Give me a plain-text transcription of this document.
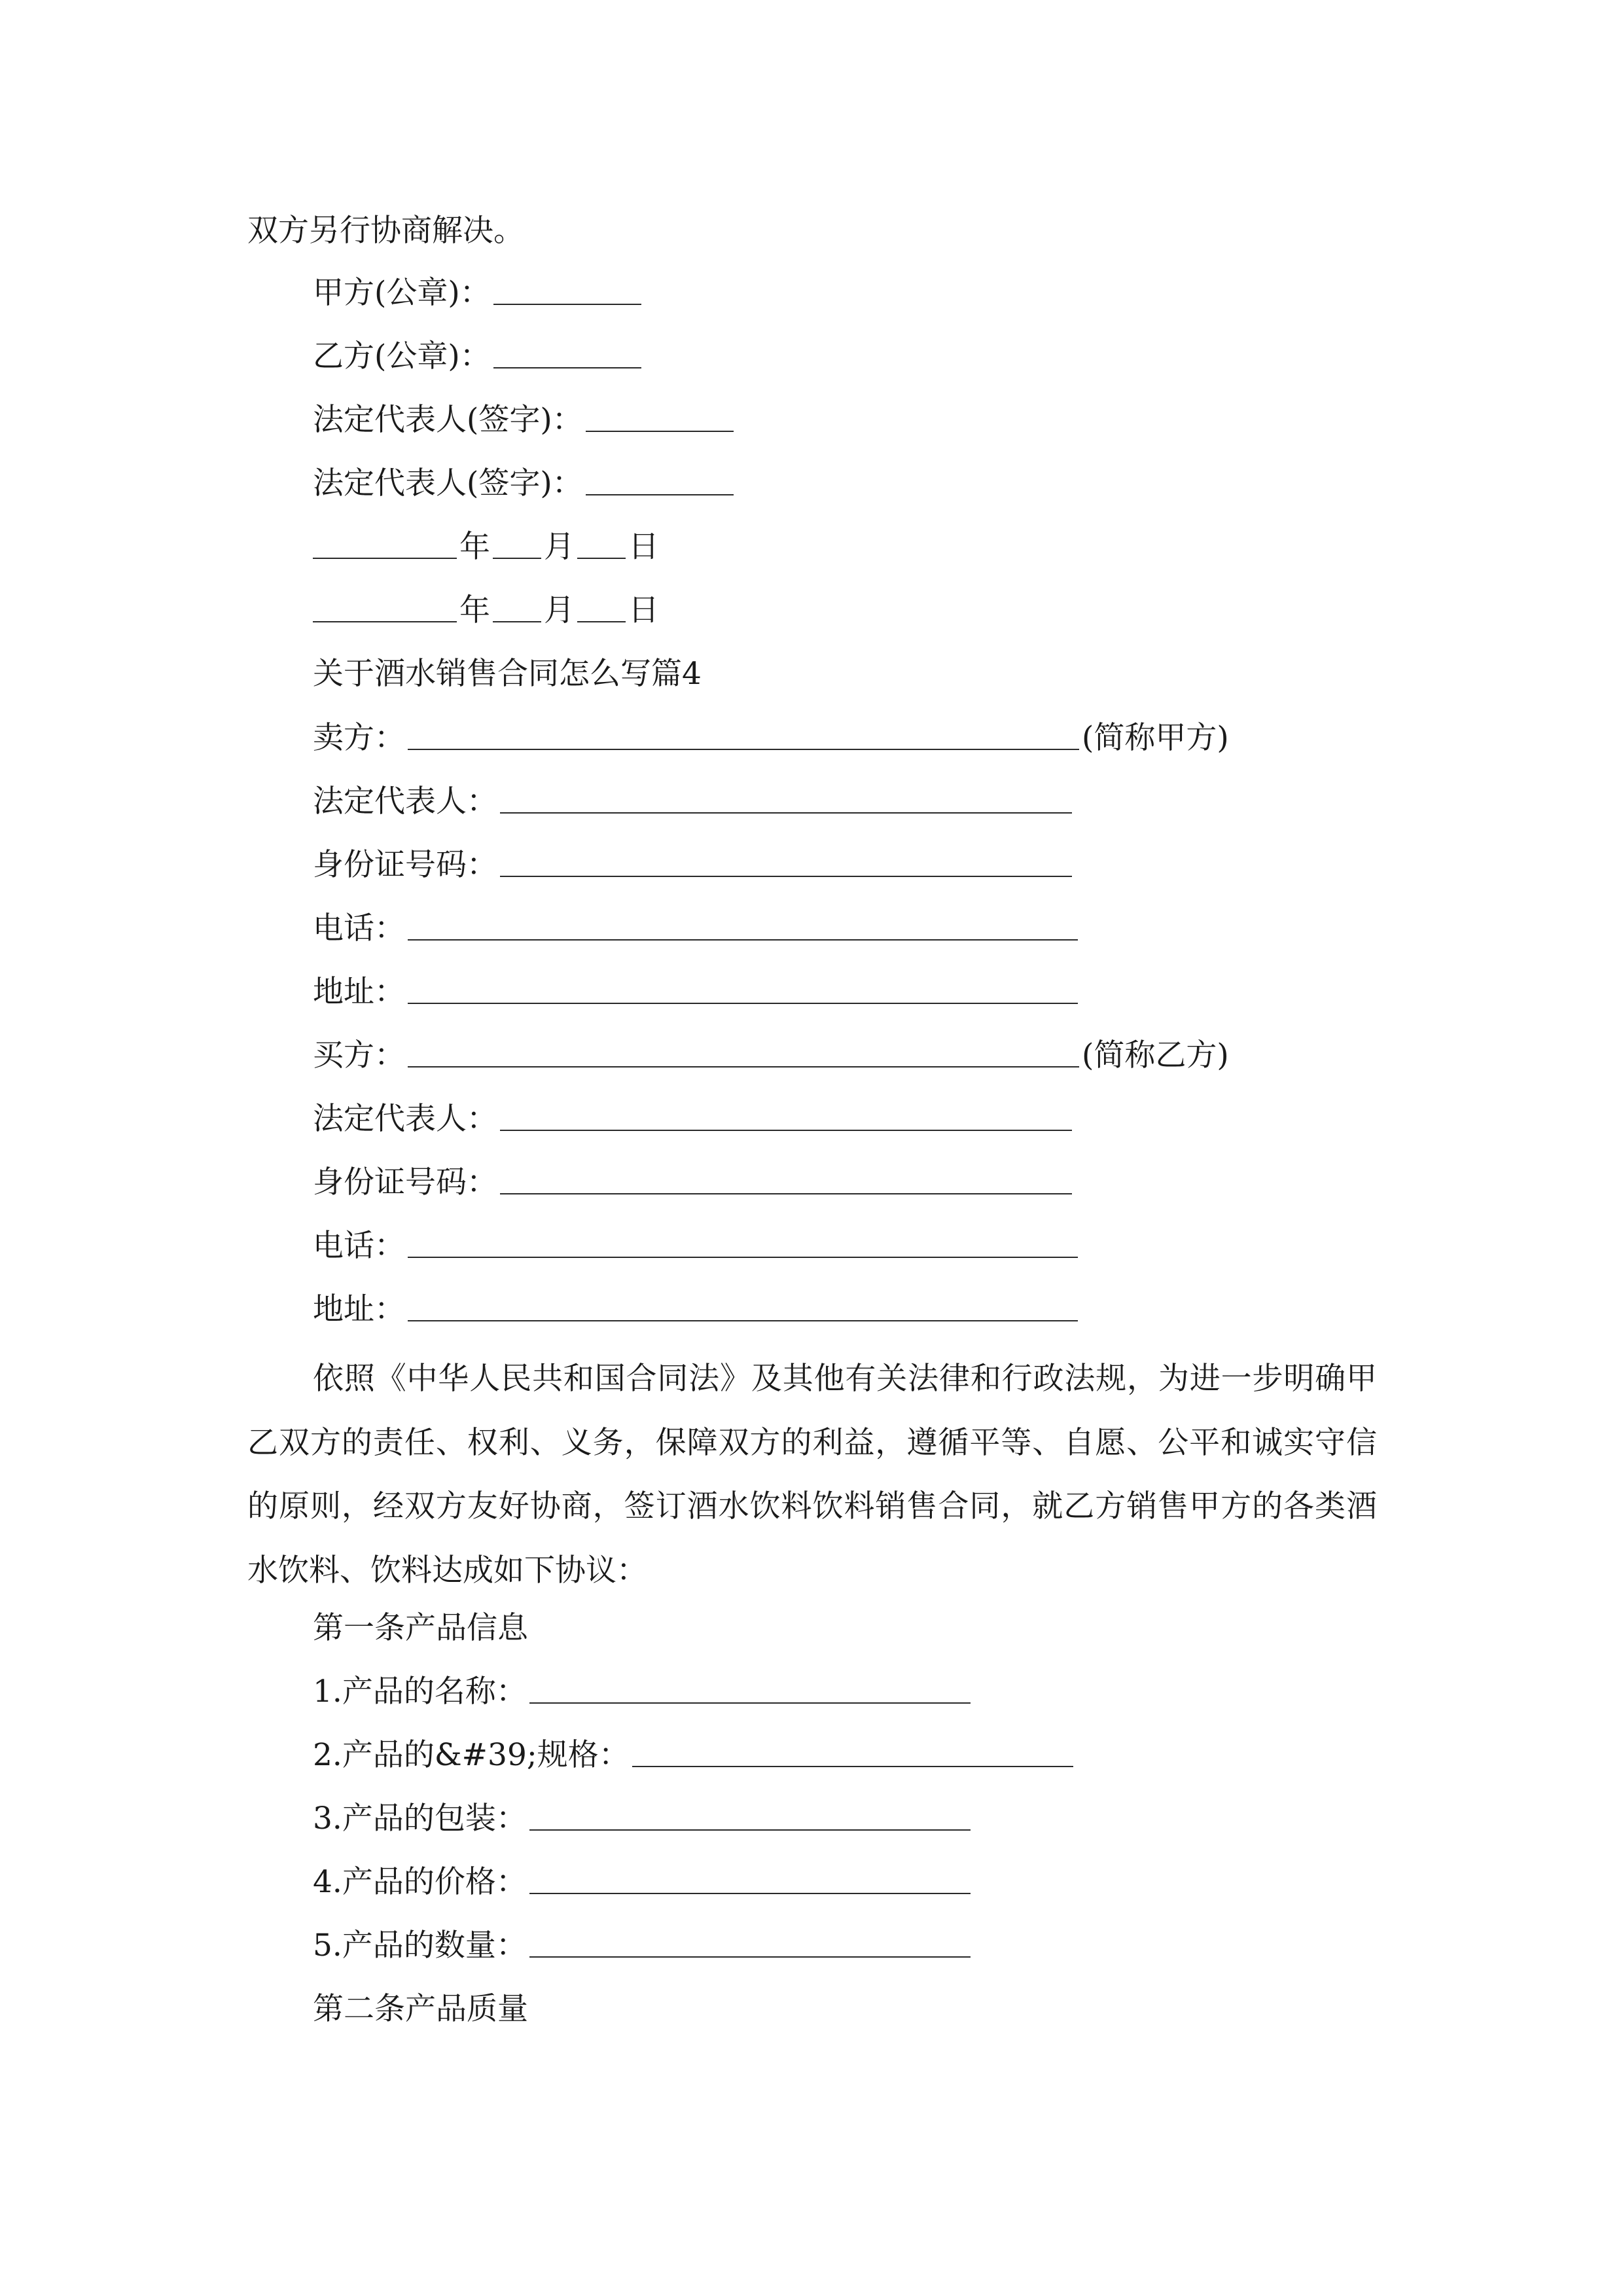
双方另行协商解决。
甲方(公章)：
乙方(公章)：
法定代表人(签字)：
法定代表人(签字)：
年 月 日
年 月 日
关于酒水销售合同怎么写篇4
卖方：	(简称甲方)
法定代表人：
身份证号码：
电话：
地址：
买方：	(简称乙方)
法定代表人：
身份证号码：
电话：
地址：
依照《中华人民共和国合同法》及其他有关法律和行政法规，为进一步明确甲乙双方的责任、权利、义务，保障双方的利益，遵循平等、自愿、公平和诚实守信的原则，经双方友好协商，签订酒水饮料饮料销售合同，就乙方销售甲方的各类酒水饮料、饮料达成如下协议：
第一条产品信息
1.产品的名称：
2.产品的&#39;规格：
3.产品的包装：
4.产品的价格：
5.产品的数量：
第二条产品质量
